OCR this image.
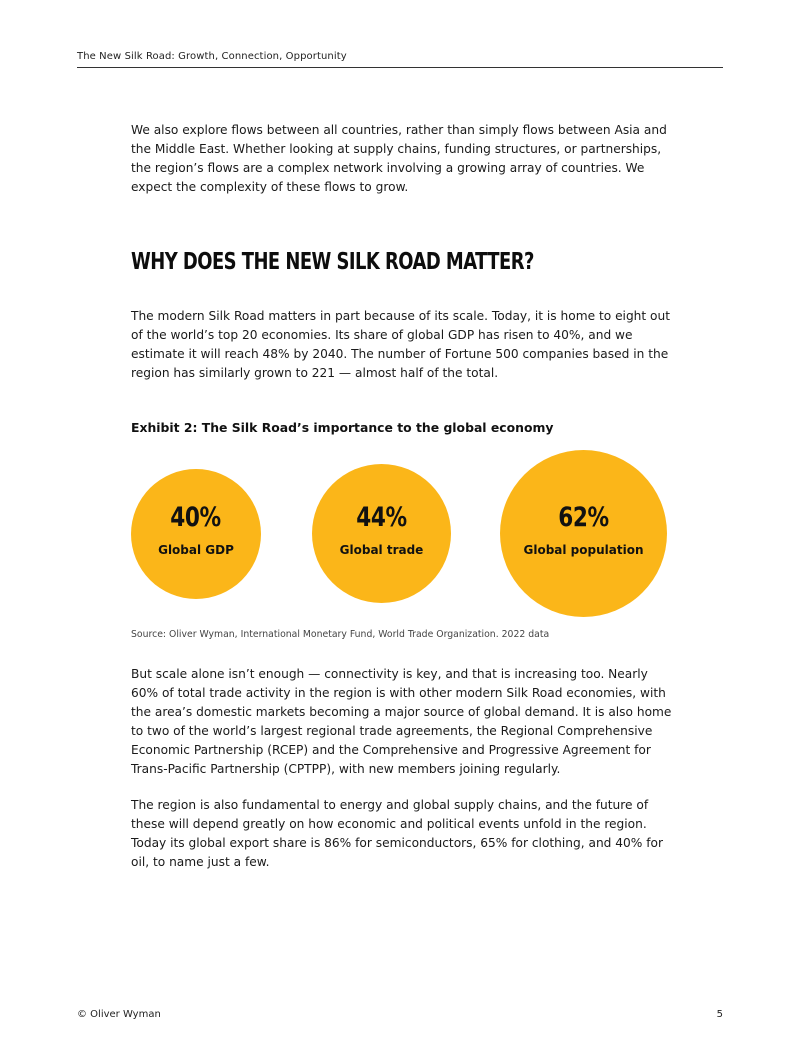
The New Silk Road: Growth, Connection, Opportunity

We also explore flows between all countries, rather than simply flows between Asia and the Middle East. Whether looking at supply chains, funding structures, or partnerships, the region’s flows are a complex network involving a growing array of countries. We expect the complexity of these flows to grow.

WHY DOES THE NEW SILK ROAD MATTER?

The modern Silk Road matters in part because of its scale. Today, it is home to eight out of the world’s top 20 economies. Its share of global GDP has risen to 40%, and we estimate it will reach 48% by 2040. The number of Fortune 500 companies based in the region has similarly grown to 221 — almost half of the total.

Exhibit 2: The Silk Road’s importance to the global economy

40%
Global GDP
44%
Global trade
62%
Global population

Source: Oliver Wyman, International Monetary Fund, World Trade Organization. 2022 data

But scale alone isn’t enough — connectivity is key, and that is increasing too. Nearly 60% of total trade activity in the region is with other modern Silk Road economies, with the area’s domestic markets becoming a major source of global demand. It is also home to two of the world’s largest regional trade agreements, the Regional Comprehensive Economic Partnership (RCEP) and the Comprehensive and Progressive Agreement for Trans-Pacific Partnership (CPTPP), with new members joining regularly.

The region is also fundamental to energy and global supply chains, and the future of these will depend greatly on how economic and political events unfold in the region. Today its global export share is 86% for semiconductors, 65% for clothing, and 40% for oil, to name just a few.

© Oliver Wyman	5
